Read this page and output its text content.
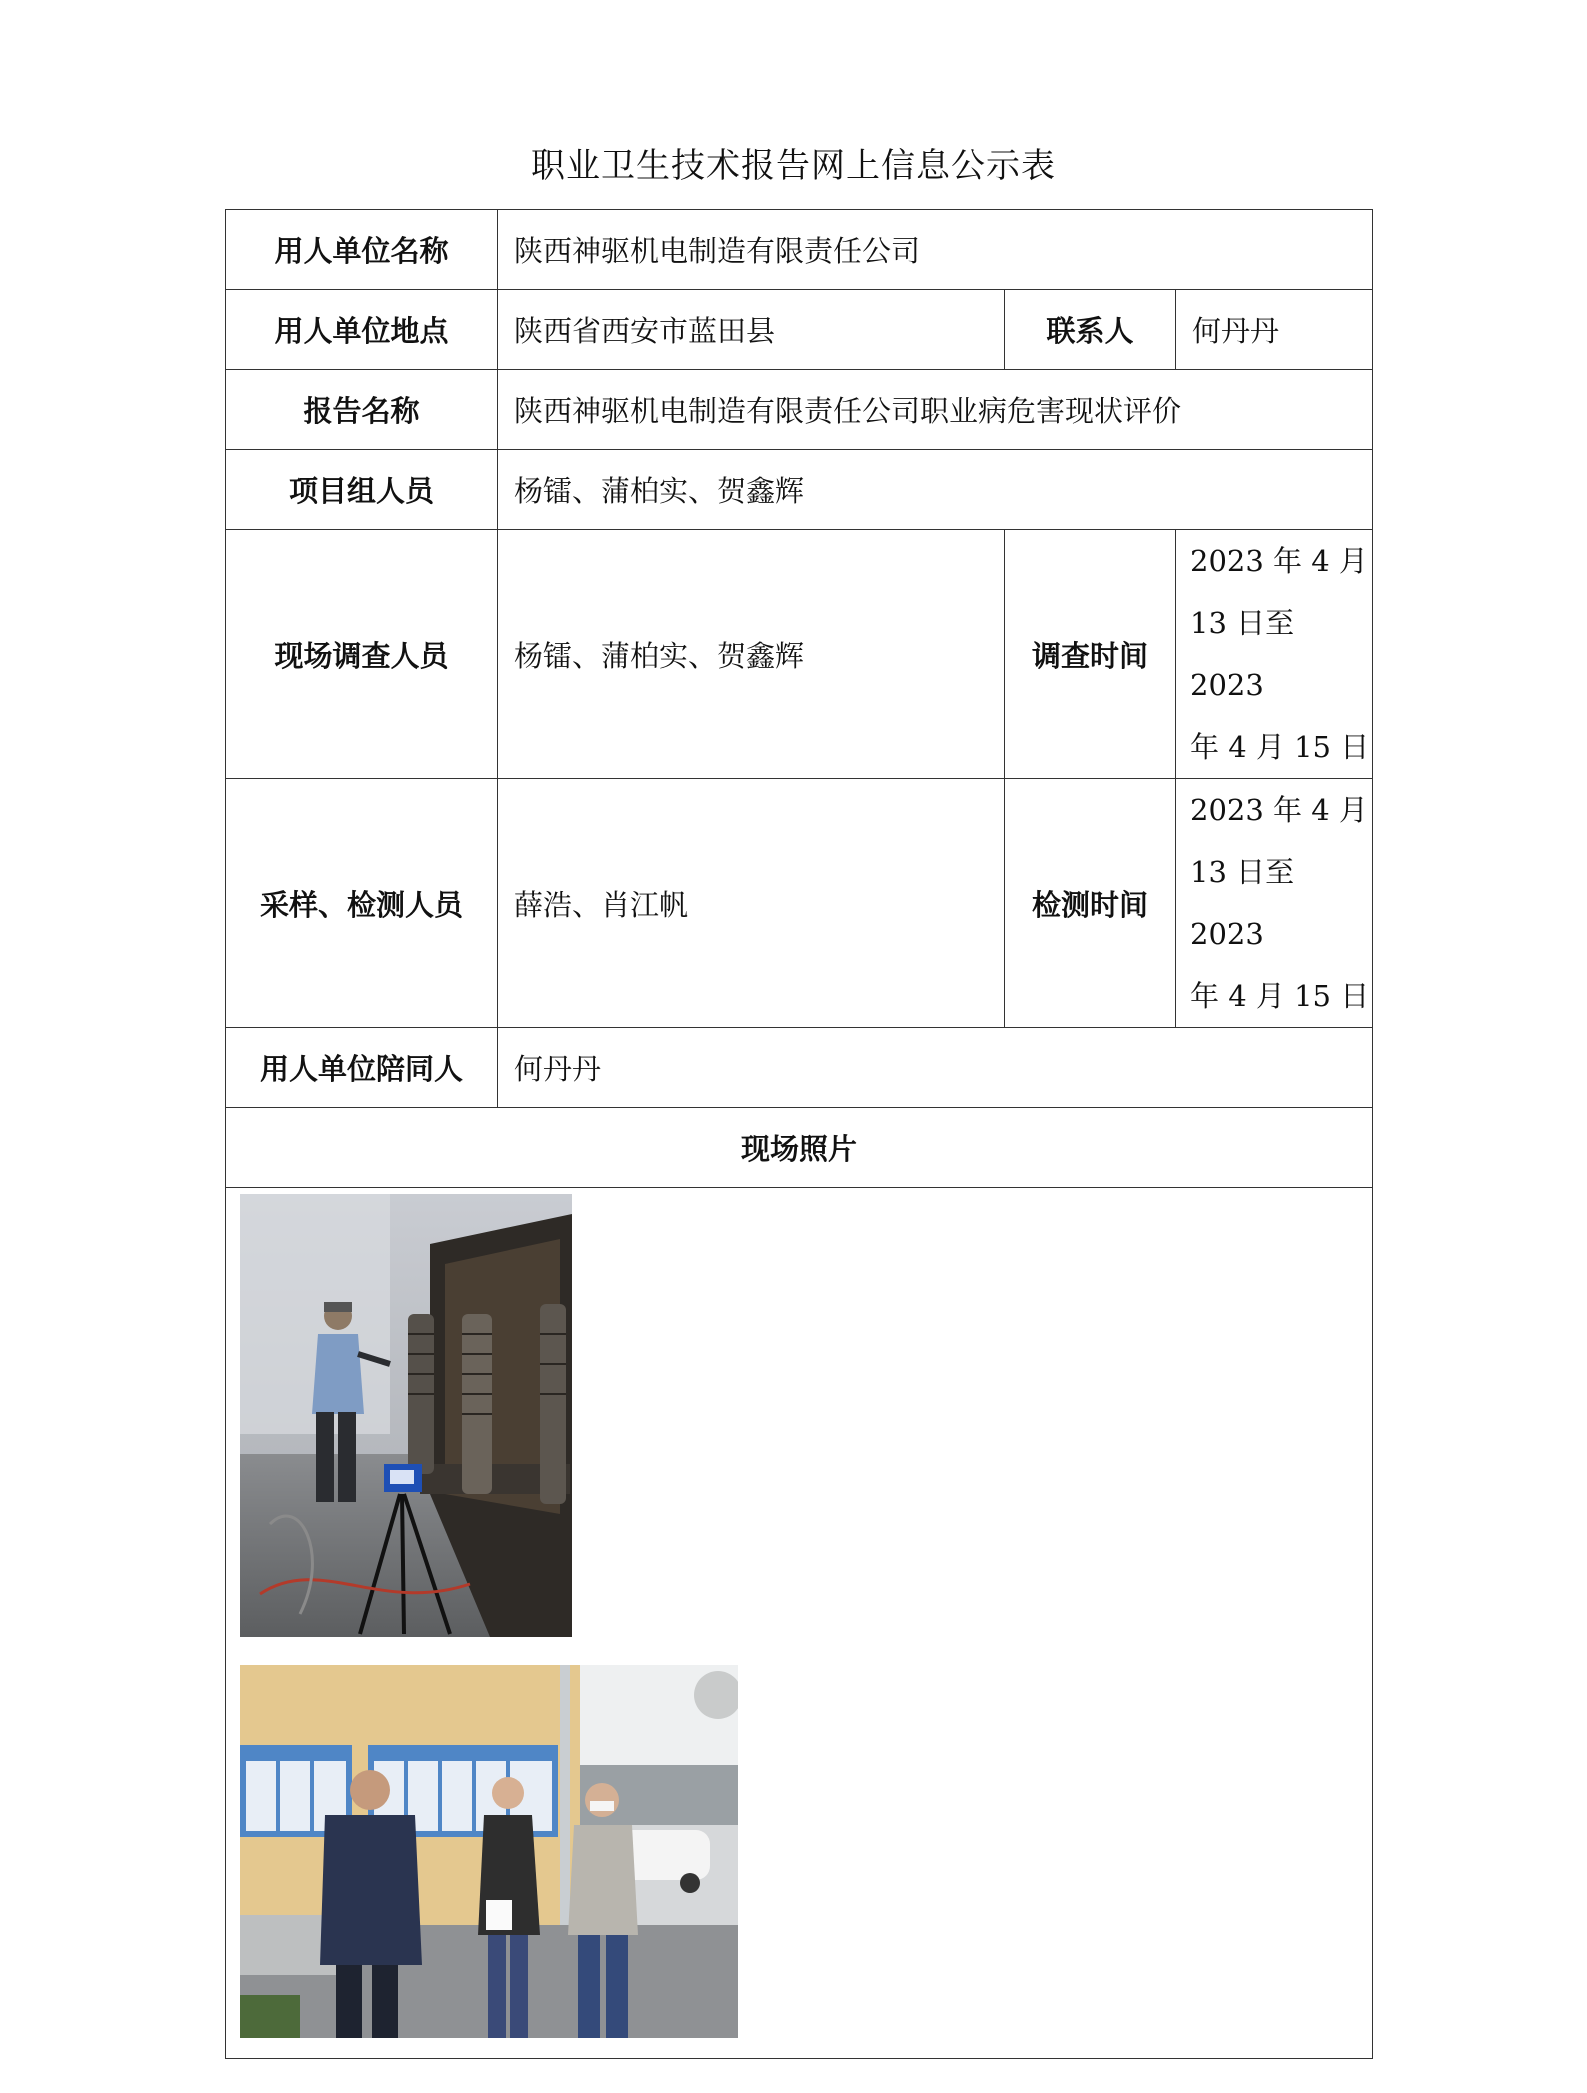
职业卫生技术报告网上信息公示表
用人单位名称	陕西神驱机电制造有限责任公司		
用人单位地点	陕西省西安市蓝田县	联系人	何丹丹
报告名称	陕西神驱机电制造有限责任公司职业病危害现状评价		
项目组人员	杨镭、蒲柏实、贺鑫辉		
现场调查人员	杨镭、蒲柏实、贺鑫辉	调查时间	2023 年 4 月
13 日至 2023
年 4 月 15 日

采样、检测人员	薛浩、肖江帆	检测时间	2023 年 4 月
13 日至 2023
年 4 月 15 日

用人单位陪同人	何丹丹		
现场照片			
